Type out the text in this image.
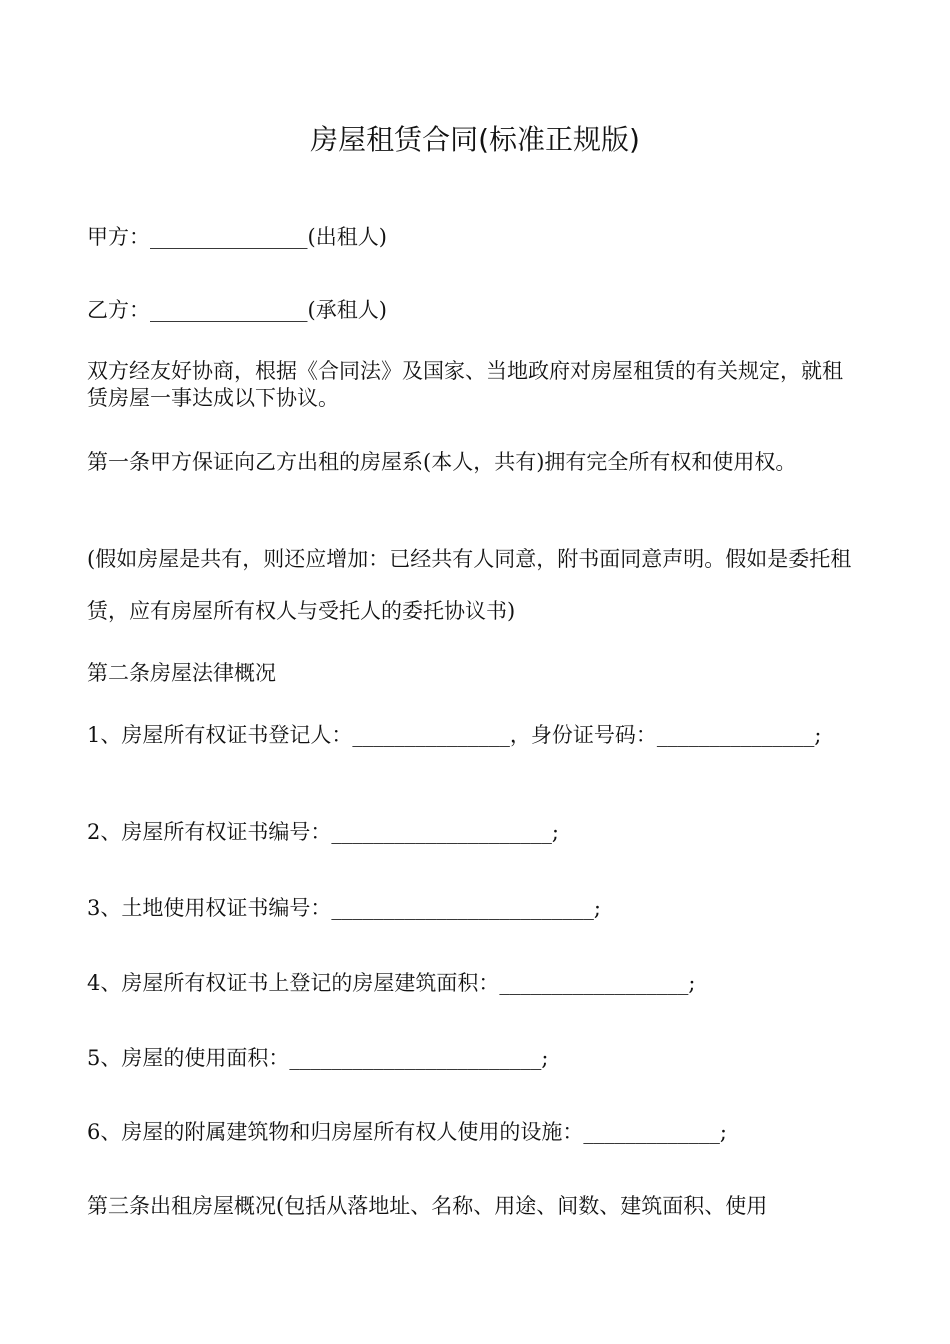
房屋租赁合同(标准正规版)
甲方：_______________(出租人)
乙方：_______________(承租人)
双方经友好协商，根据《合同法》及国家、当地政府对房屋租赁的有关规定，就租赁房屋一事达成以下协议。
第一条甲方保证向乙方出租的房屋系(本人，共有)拥有完全所有权和使用权。
(假如房屋是共有，则还应增加：已经共有人同意，附书面同意声明。假如是委托租赁，应有房屋所有权人与受托人的委托协议书)
第二条房屋法律概况
1、房屋所有权证书登记人：_______________，身份证号码：_______________;
2、房屋所有权证书编号：_____________________;
3、土地使用权证书编号：_________________________;
4、房屋所有权证书上登记的房屋建筑面积：__________________;
5、房屋的使用面积：________________________;
6、房屋的附属建筑物和归房屋所有权人使用的设施：_____________;
第三条出租房屋概况(包括从落地址、名称、用途、间数、建筑面积、使用
